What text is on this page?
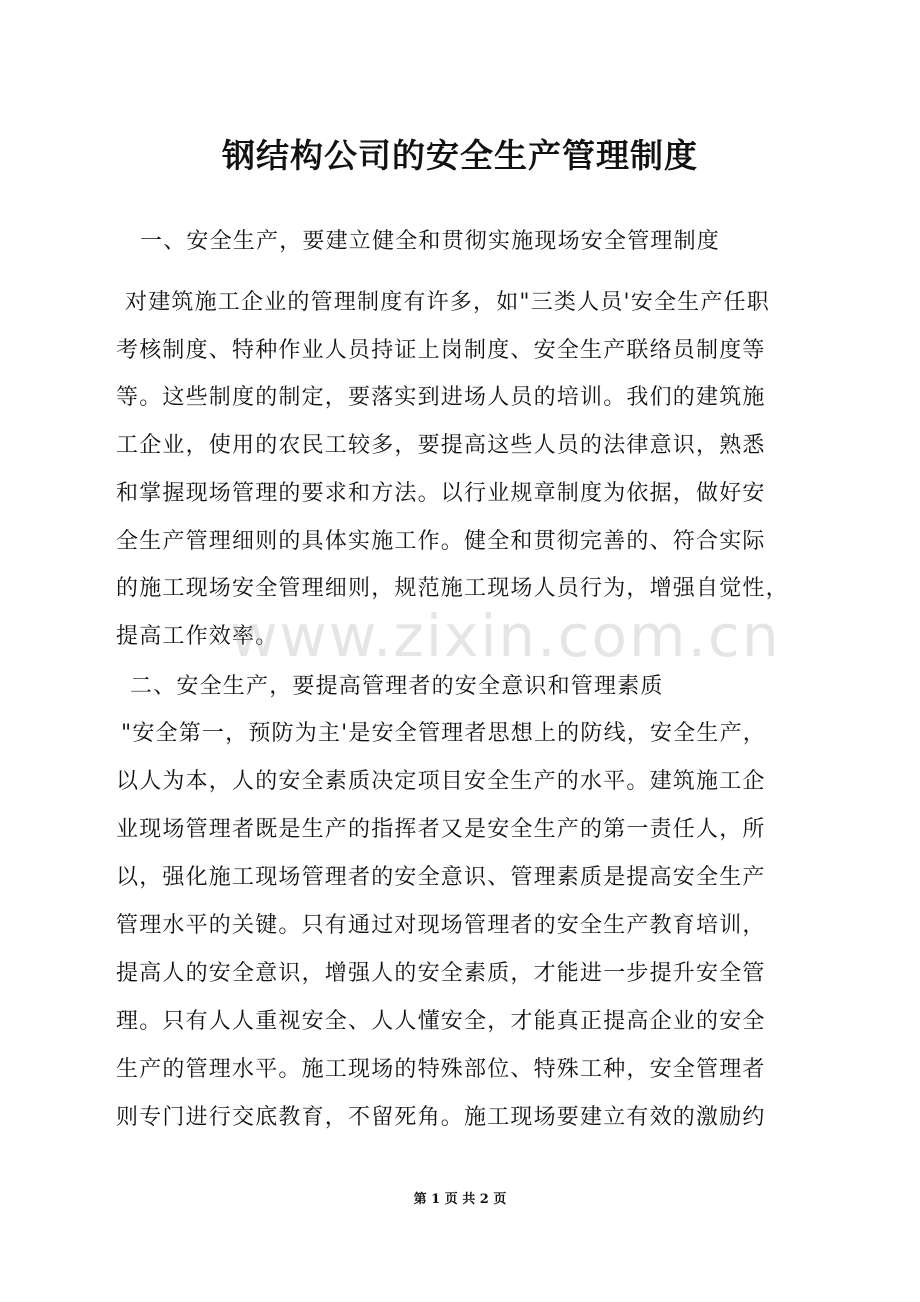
钢结构公司的安全生产管理制度
一、安全生产，要建立健全和贯彻实施现场安全管理制度
对建筑施工企业的管理制度有许多，如"三类人员'安全生产任职
考核制度、特种作业人员持证上岗制度、安全生产联络员制度等
等。这些制度的制定，要落实到进场人员的培训。我们的建筑施
工企业，使用的农民工较多，要提高这些人员的法律意识，熟悉
和掌握现场管理的要求和方法。以行业规章制度为依据，做好安
全生产管理细则的具体实施工作。健全和贯彻完善的、符合实际
的施工现场安全管理细则，规范施工现场人员行为，增强自觉性，
提高工作效率。
www.zixin.com.cn
二、安全生产，要提高管理者的安全意识和管理素质
"安全第一，预防为主'是安全管理者思想上的防线，安全生产，
以人为本，人的安全素质决定项目安全生产的水平。建筑施工企
业现场管理者既是生产的指挥者又是安全生产的第一责任人，所
以，强化施工现场管理者的安全意识、管理素质是提高安全生产
管理水平的关键。只有通过对现场管理者的安全生产教育培训，
提高人的安全意识，增强人的安全素质，才能进一步提升安全管
理。只有人人重视安全、人人懂安全，才能真正提高企业的安全
生产的管理水平。施工现场的特殊部位、特殊工种，安全管理者
则专门进行交底教育，不留死角。施工现场要建立有效的激励约
第 1 页 共 2 页
